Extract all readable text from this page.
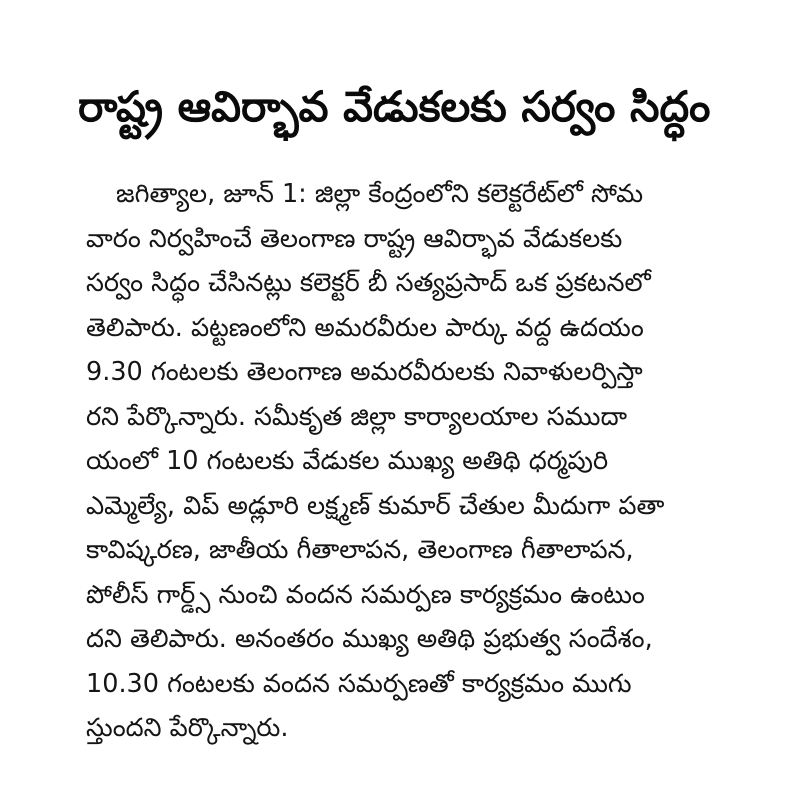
రాష్ట్ర ఆవిర్భావ వేడుకలకు సర్వం సిద్ధం
జగిత్యాల, జూన్ 1: జిల్లా కేంద్రంలోని కలెక్టరేట్‌లో సోమ
వారం నిర్వహించే తెలంగాణ రాష్ట్ర ఆవిర్భావ వేడుకలకు
సర్వం సిద్ధం చేసినట్లు కలెక్టర్ బీ సత్యప్రసాద్ ఒక ప్రకటనలో
తెలిపారు. పట్టణంలోని అమరవీరుల పార్కు వద్ద ఉదయం
9.30 గంటలకు తెలంగాణ అమరవీరులకు నివాళులర్పిస్తా
రని పేర్కొన్నారు. సమీకృత జిల్లా కార్యాలయాల సముదా
యంలో 10 గంటలకు వేడుకల ముఖ్య అతిథి ధర్మపురి
ఎమ్మెల్యే, విప్ అడ్లూరి లక్ష్మణ్ కుమార్ చేతుల మీదుగా పతా
కావిష్కరణ, జాతీయ గీతాలాపన, తెలంగాణ గీతాలాపన,
పోలీస్ గార్డ్స్ నుంచి వందన సమర్పణ కార్యక్రమం ఉంటుం
దని తెలిపారు. అనంతరం ముఖ్య అతిథి ప్రభుత్వ సందేశం,
10.30 గంటలకు వందన సమర్పణతో కార్యక్రమం ముగు
స్తుందని పేర్కొన్నారు.
